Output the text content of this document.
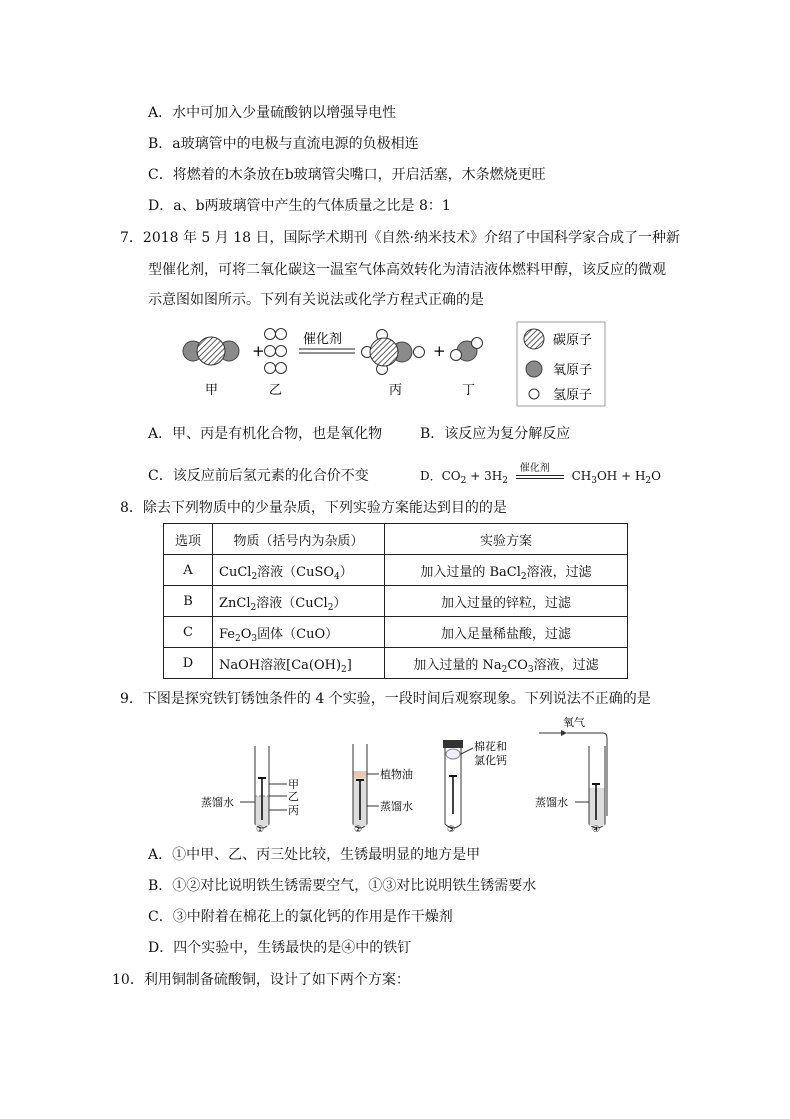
A．水中可加入少量硫酸钠以增强导电性
B．a玻璃管中的电极与直流电源的负极相连
C．将燃着的木条放在b玻璃管尖嘴口，开启活塞，木条燃烧更旺
D．a、b两玻璃管中产生的气体质量之比是 8：1
7．2018 年 5 月 18 日，国际学术期刊《自然·纳米技术》介绍了中国科学家合成了一种新
型催化剂，可将二氧化碳这一温室气体高效转化为清洁液体燃料甲醇，该反应的微观
示意图如图所示。下列有关说法或化学方程式正确的是
+
催化剂
+
甲	乙	丙	丁
碳原子
氧原子
氢原子
A．甲、丙是有机化合物，也是氧化物	B．该反应为复分解反应
C．该反应前后氢元素的化合价不变	D．$CO_2 + 3H_2$
催化剂
$CH_3OH + H_2O$
8．除去下列物质中的少量杂质，下列实验方案能达到目的的是
选项	物质（括号内为杂质）	实验方案
A	CuCl$_2$溶液（CuSO$_4$）	加入过量的 BaCl$_2$溶液，过滤
B	ZnCl$_2$溶液（CuCl$_2$）	加入过量的锌粒，过滤
C	$Fe_2O_3$固体（CuO）	加入足量稀盐酸，过滤
D	NaOH溶液$[Ca(OH)_2]$	加入过量的 $Na_2CO_3$溶液，过滤
9．下图是探究铁钉锈蚀条件的 4 个实验，一段时间后观察现象。下列说法不正确的是
甲
乙
丙
蒸馏水
①
植物油
蒸馏水
②
棉花和
氯化钙
③
氧气
蒸馏水
④
A．①中甲、乙、丙三处比较，生锈最明显的地方是甲
B．①②对比说明铁生锈需要空气，①③对比说明铁生锈需要水
C．③中附着在棉花上的氯化钙的作用是作干燥剂
D．四个实验中，生锈最快的是④中的铁钉
10．利用铜制备硫酸铜，设计了如下两个方案：
